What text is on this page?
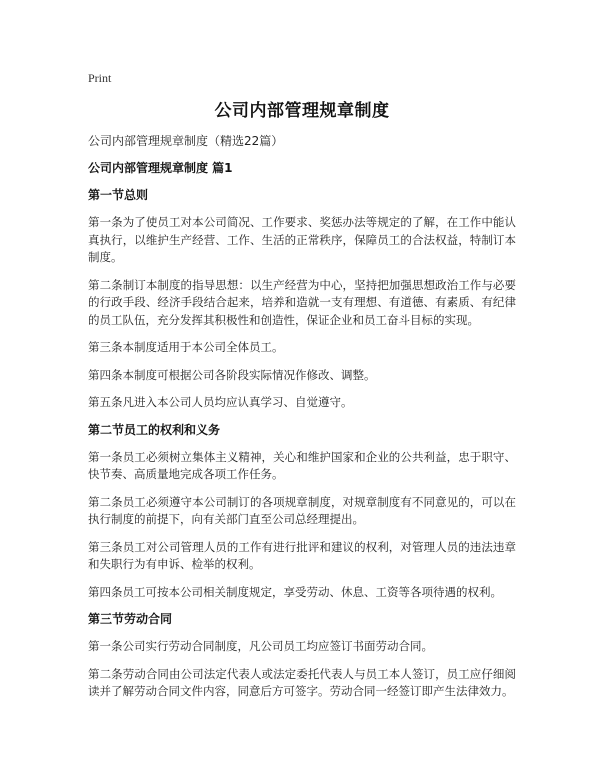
Print
公司内部管理规章制度

公司内部管理规章制度（精选22篇）

公司内部管理规章制度 篇1

第一节总则

第一条为了使员工对本公司简况、工作要求、奖惩办法等规定的了解，在工作中能认真执行，以维护生产经营、工作、生活的正常秩序，保障员工的合法权益，特制订本制度。

第二条制订本制度的指导思想：以生产经营为中心，坚持把加强思想政治工作与必要的行政手段、经济手段结合起来，培养和造就一支有理想、有道德、有素质、有纪律的员工队伍，充分发挥其积极性和创造性，保证企业和员工奋斗目标的实现。

第三条本制度适用于本公司全体员工。

第四条本制度可根据公司各阶段实际情况作修改、调整。

第五条凡进入本公司人员均应认真学习、自觉遵守。

第二节员工的权利和义务

第一条员工必须树立集体主义精神，关心和维护国家和企业的公共利益，忠于职守、快节奏、高质量地完成各项工作任务。

第二条员工必须遵守本公司制订的各项规章制度，对规章制度有不同意见的，可以在执行制度的前提下，向有关部门直至公司总经理提出。

第三条员工对公司管理人员的工作有进行批评和建议的权利，对管理人员的违法违章和失职行为有申诉、检举的权利。

第四条员工可按本公司相关制度规定，享受劳动、休息、工资等各项待遇的权利。

第三节劳动合同

第一条公司实行劳动合同制度，凡公司员工均应签订书面劳动合同。

第二条劳动合同由公司法定代表人或法定委托代表人与员工本人签订，员工应仔细阅读并了解劳动合同文件内容，同意后方可签字。劳动合同一经签订即产生法律效力。
